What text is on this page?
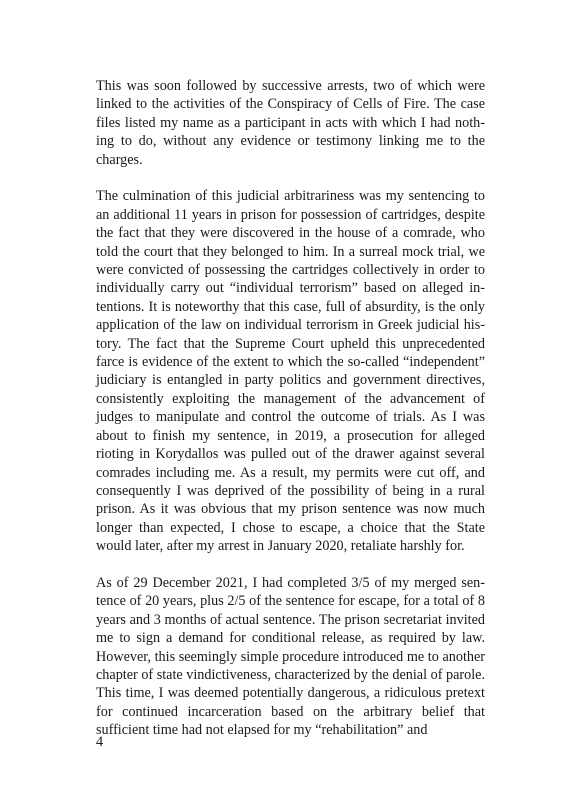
This was soon followed by successive arrests, two of which were linked to the activities of the Conspiracy of Cells of Fire. The case files listed my name as a participant in acts with which I had nothing to do, without any evidence or testimony linking me to the charges.

The culmination of this judicial arbitrariness was my sentencing to an additional 11 years in prison for possession of cartridges, despite the fact that they were discovered in the house of a comrade, who told the court that they belonged to him. In a surreal mock trial, we were convicted of possessing the cartridges collectively in order to individually carry out “individual terrorism” based on alleged intentions. It is noteworthy that this case, full of absurdity, is the only application of the law on individual terrorism in Greek judicial history. The fact that the Supreme Court upheld this unprecedented farce is evidence of the extent to which the so-called “independent” judiciary is entangled in party politics and government directives, consistently exploiting the management of the advancement of judges to manipulate and control the outcome of trials. As I was about to finish my sentence, in 2019, a prosecution for alleged rioting in Korydallos was pulled out of the drawer against several comrades including me. As a result, my permits were cut off, and consequently I was deprived of the possibility of being in a rural prison. As it was obvious that my prison sentence was now much longer than expected, I chose to escape, a choice that the State would later, after my arrest in January 2020, retaliate harshly for.

As of 29 December 2021, I had completed 3/5 of my merged sentence of 20 years, plus 2/5 of the sentence for escape, for a total of 8 years and 3 months of actual sentence. The prison secretariat invited me to sign a demand for conditional release, as required by law. However, this seemingly simple procedure introduced me to another chapter of state vindictiveness, characterized by the denial of parole. This time, I was deemed potentially dangerous, a ridiculous pretext for continued incarceration based on the arbitrary belief that sufficient time had not elapsed for my “rehabilitation” and

4
